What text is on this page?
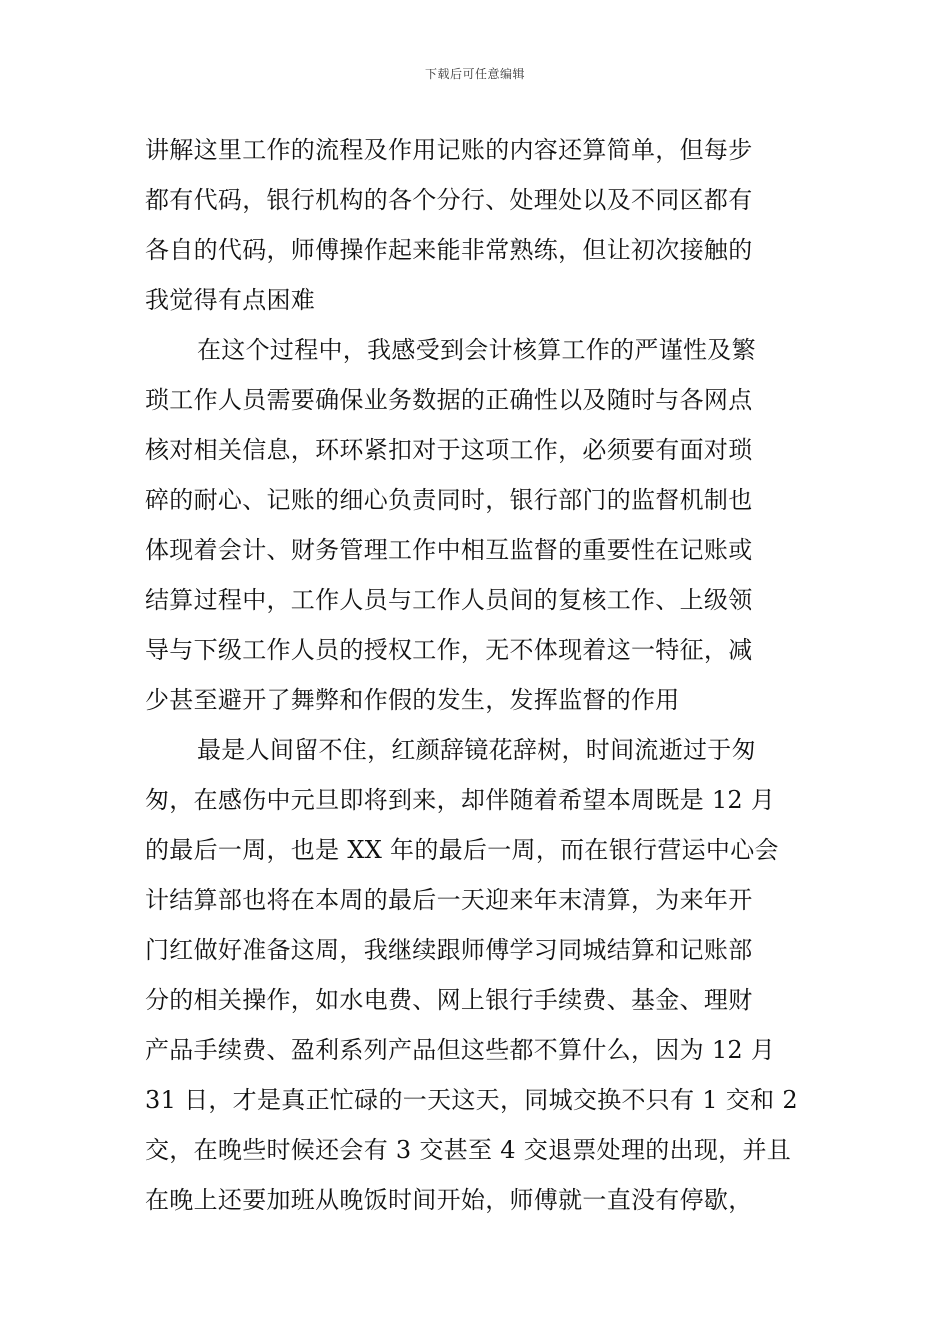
下载后可任意编辑
讲解这里工作的流程及作用记账的内容还算简单，但每步
都有代码，银行机构的各个分行、处理处以及不同区都有
各自的代码，师傅操作起来能非常熟练，但让初次接触的
我觉得有点困难
在这个过程中，我感受到会计核算工作的严谨性及繁
琐工作人员需要确保业务数据的正确性以及随时与各网点
核对相关信息，环环紧扣对于这项工作，必须要有面对琐
碎的耐心、记账的细心负责同时，银行部门的监督机制也
体现着会计、财务管理工作中相互监督的重要性在记账或
结算过程中，工作人员与工作人员间的复核工作、上级领
导与下级工作人员的授权工作，无不体现着这一特征，减
少甚至避开了舞弊和作假的发生，发挥监督的作用
最是人间留不住，红颜辞镜花辞树，时间流逝过于匆
匆，在感伤中元旦即将到来，却伴随着希望本周既是 12 月
的最后一周，也是 XX 年的最后一周，而在银行营运中心会
计结算部也将在本周的最后一天迎来年末清算，为来年开
门红做好准备这周，我继续跟师傅学习同城结算和记账部
分的相关操作，如水电费、网上银行手续费、基金、理财
产品手续费、盈利系列产品但这些都不算什么，因为 12 月
31 日，才是真正忙碌的一天这天，同城交换不只有 1 交和 2
交，在晚些时候还会有 3 交甚至 4 交退票处理的出现，并且
在晚上还要加班从晚饭时间开始，师傅就一直没有停歇，
